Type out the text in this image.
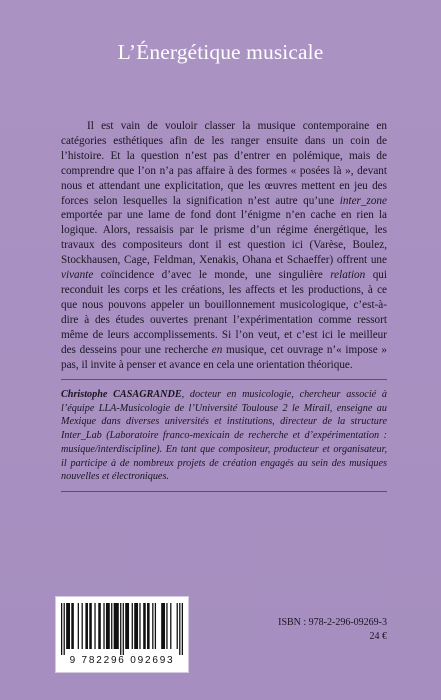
L’Énergétique musicale

Il est vain de vouloir classer la musique contemporaine en catégories esthétiques afin de les ranger ensuite dans un coin de l’histoire. Et la question n’est pas d’entrer en polémique, mais de comprendre que l’on n’a pas affaire à des formes « posées là », devant nous et attendant une explicitation, que les œuvres mettent en jeu des forces selon lesquelles la signification n’est autre qu’une inter_zone emportée par une lame de fond dont l’énigme n’en cache en rien la logique. Alors, ressaisis par le prisme d’un régime énergétique, les travaux des compositeurs dont il est question ici (Varèse, Boulez, Stockhausen, Cage, Feldman, Xenakis, Ohana et Schaeffer) offrent une vivante coïncidence d’avec le monde, une singulière relation qui reconduit les corps et les créations, les affects et les productions, à ce que nous pouvons appeler un bouillonnement musicologique, c’est-à-dire à des études ouvertes prenant l’expérimentation comme ressort même de leurs accomplissements. Si l’on veut, et c’est ici le meilleur des desseins pour une recherche en musique, cet ouvrage n’« impose » pas, il invite à penser et avance en cela une orientation théorique.

Christophe CASAGRANDE, docteur en musicologie, chercheur associé à l’équipe LLA-Musicologie de l’Université Toulouse 2 le Mirail, enseigne au Mexique dans diverses universités et institutions, directeur de la structure Inter_Lab (Laboratoire franco-mexicain de recherche et d’expérimentation : musique/interdiscipline). En tant que compositeur, producteur et organisateur, il participe à de nombreux projets de création engagés au sein des musiques nouvelles et électroniques.
9 782296 092693
ISBN : 978-2-296-09269-3
24 €
